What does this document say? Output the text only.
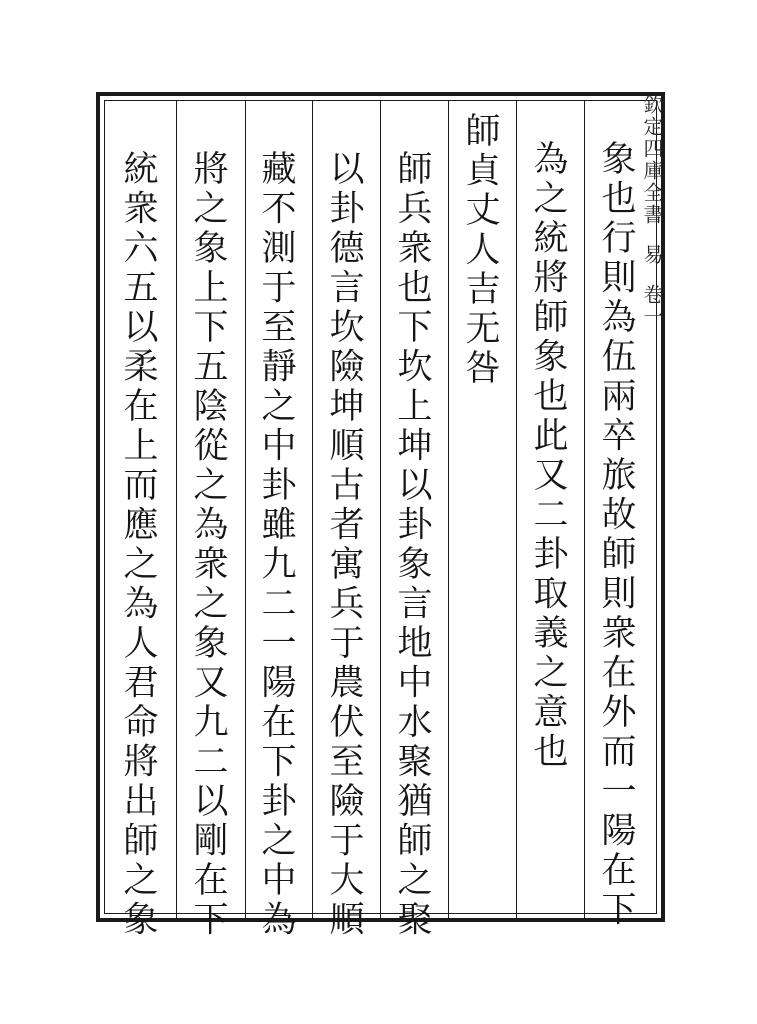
欽定四庫全書易卷一
象也行則為伍兩卒旅故師則衆在外而一陽在下
為之統將師象也此又二卦取義之意也
師貞丈人吉无咎
師兵衆也下坎上坤以卦象言地中水聚猶師之聚
以卦德言坎險坤順古者寓兵于農伏至險于大順
藏不測于至靜之中卦雖九二一陽在下卦之中為
將之象上下五陰從之為衆之象又九二以剛在下
統衆六五以柔在上而應之為人君命將出師之象
